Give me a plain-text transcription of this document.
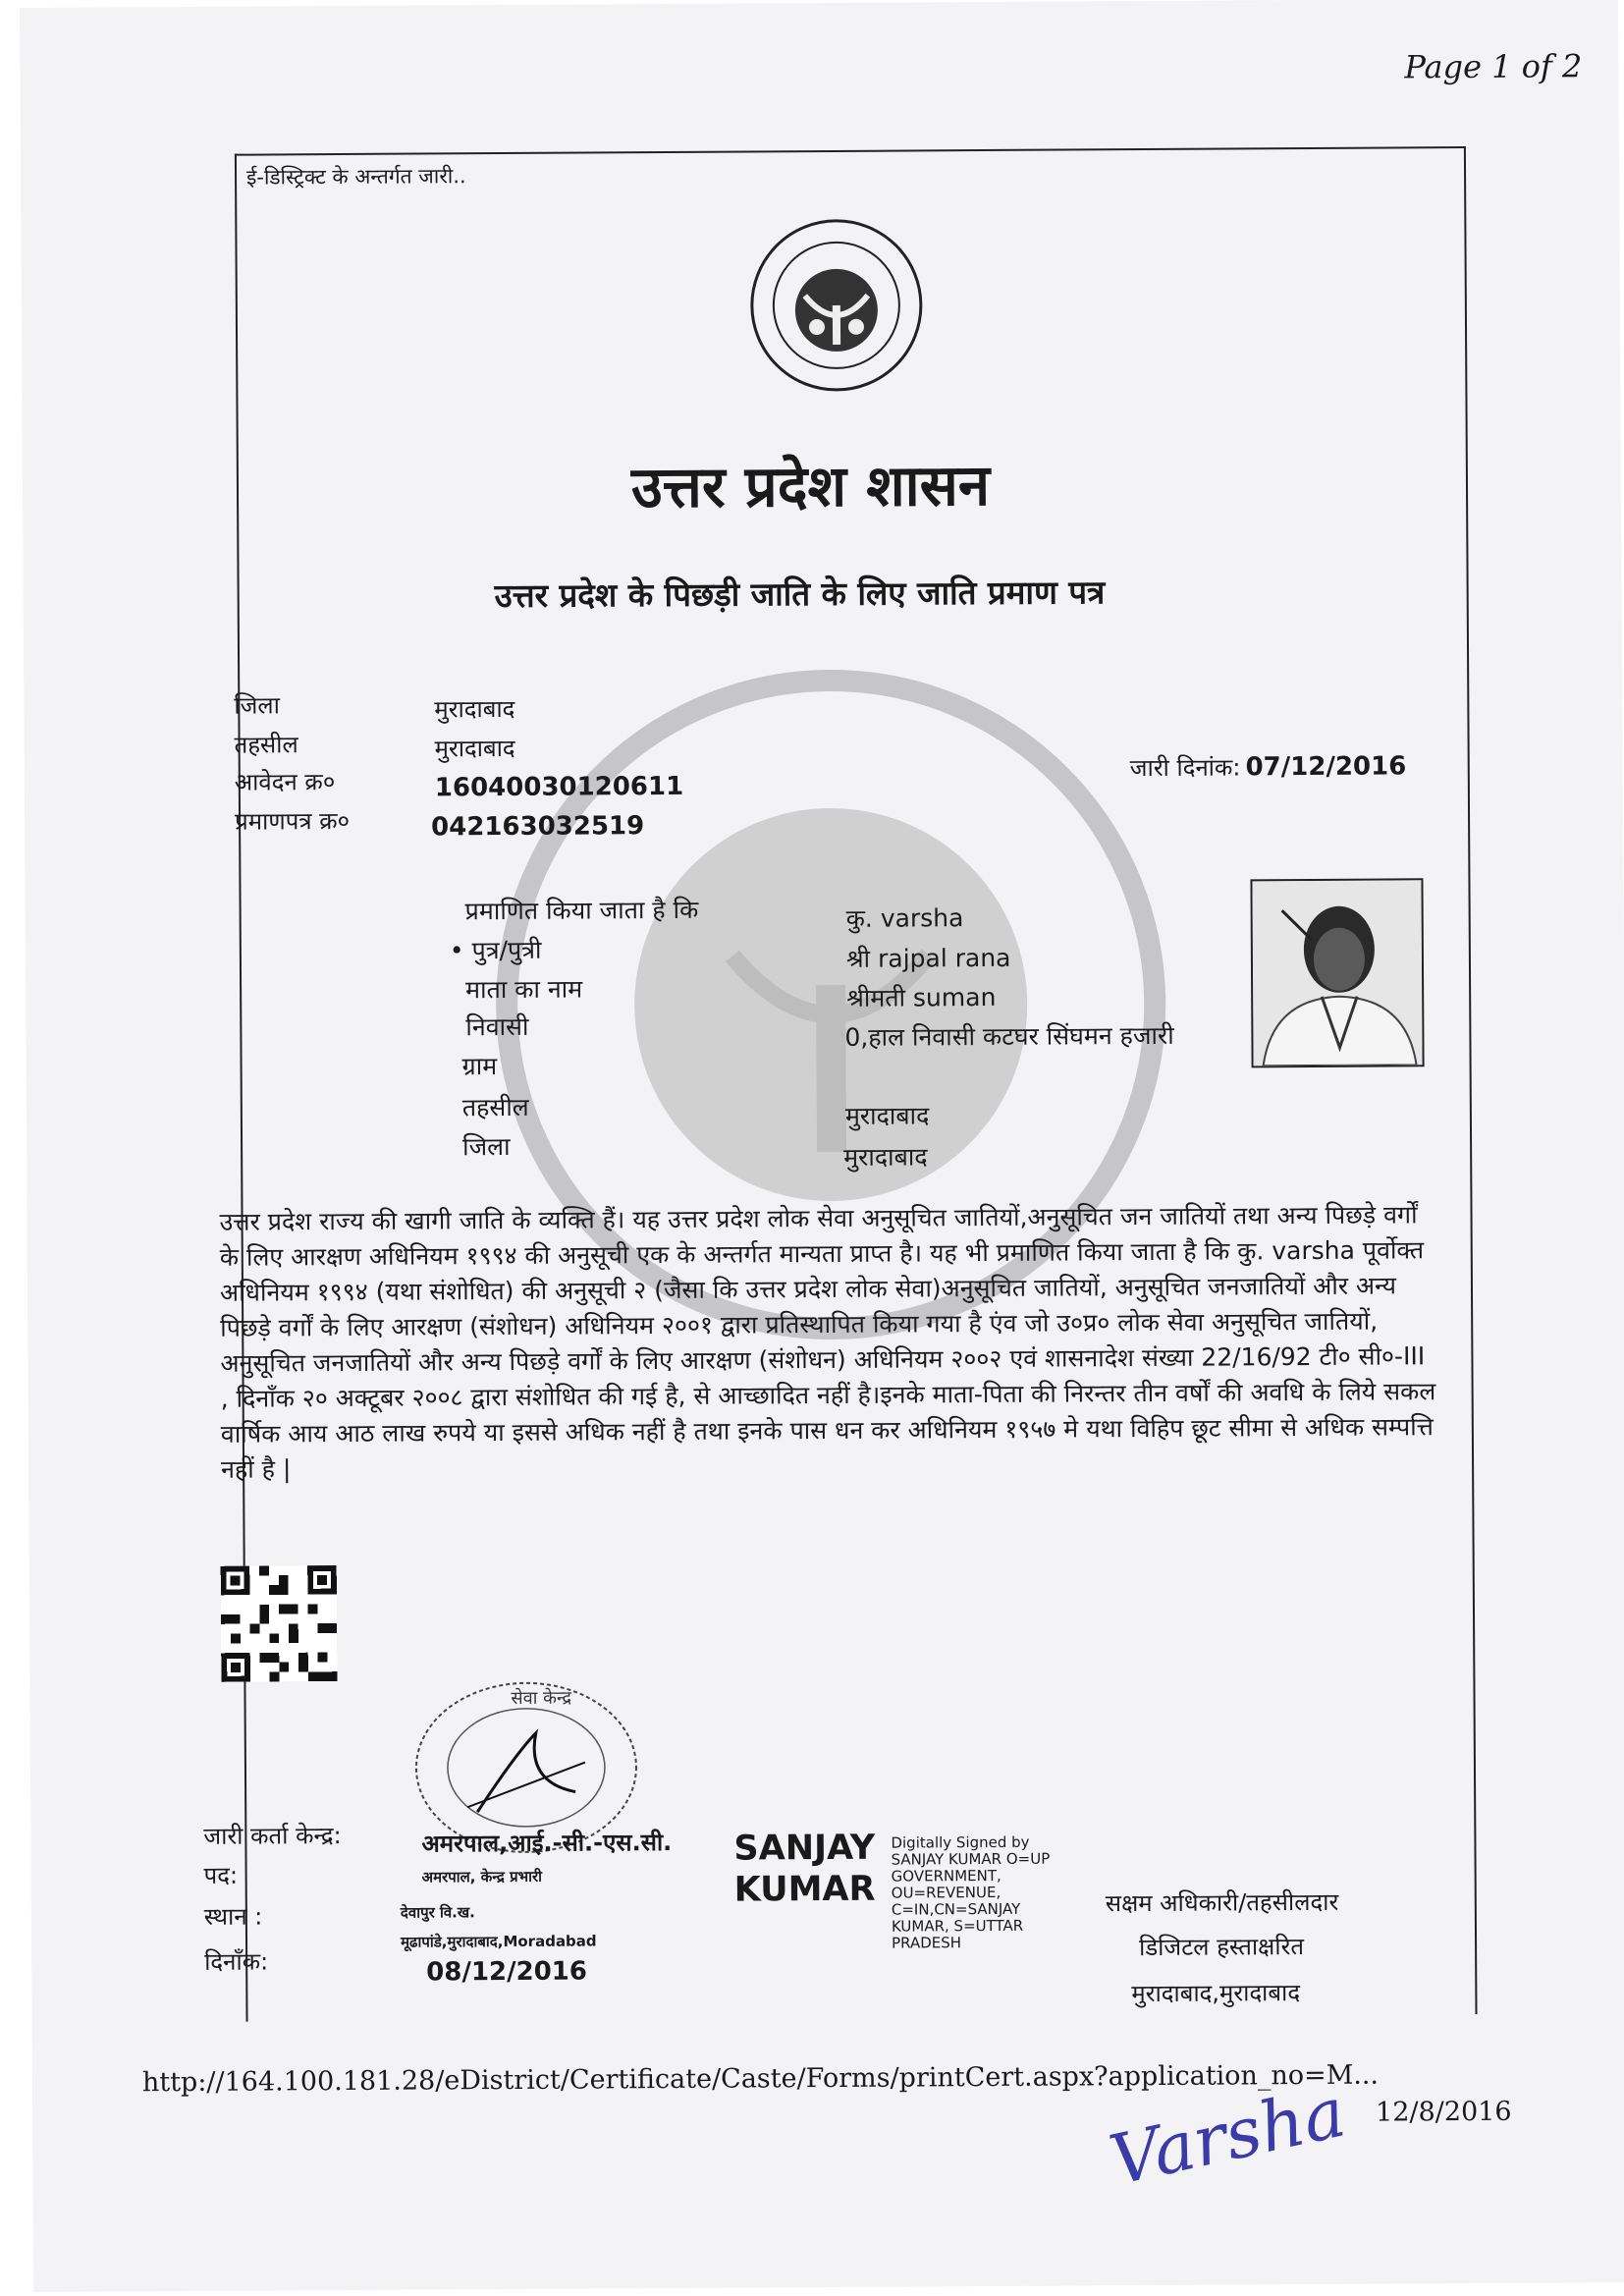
Page 1 of 2
ई-डिस्ट्रिक्ट के अन्तर्गत जारी..
उत्तर प्रदेश शासन
उत्तर प्रदेश के पिछड़ी जाति के लिए जाति प्रमाण पत्र
जिला	मुरादाबाद
तहसील	मुरादाबाद
आवेदन क्र०	16040030120611
प्रमाणपत्र क्र०	042163032519
जारी दिनांक: 07/12/2016
प्रमाणित किया जाता है कि	कु. varsha
• पुत्र/पुत्री	श्री rajpal rana
माता का नाम	श्रीमती suman
निवासी	0,हाल निवासी कटघर सिंघमन हजारी
ग्राम
तहसील	मुरादाबाद
जिला	मुरादाबाद
उत्तर प्रदेश राज्य की खागी जाति के व्यक्ति हैं। यह उत्तर प्रदेश लोक सेवा अनुसूचित जातियों,अनुसूचित जन जातियों तथा अन्य पिछड़े वर्गों के लिए आरक्षण अधिनियम १९९४ की अनुसूची एक के अन्तर्गत मान्यता प्राप्त है। यह भी प्रमाणित किया जाता है कि कु. varsha पूर्वोक्त अधिनियम १९९४ (यथा संशोधित) की अनुसूची २ (जैसा कि उत्तर प्रदेश लोक सेवा)अनुसूचित जातियों, अनुसूचित जनजातियों और अन्य पिछड़े वर्गों के लिए आरक्षण (संशोधन) अधिनियम २००१ द्वारा प्रतिस्थापित किया गया है एंव जो उ०प्र० लोक सेवा अनुसूचित जातियों, अनुसूचित जनजातियों और अन्य पिछड़े वर्गों के लिए आरक्षण (संशोधन) अधिनियम २००२ एवं शासनादेश संख्या 22/16/92 टी० सी०-III , दिनाँक २० अक्टूबर २००८ द्वारा संशोधित की गई है, से आच्छादित नहीं है।इनके माता-पिता की निरन्तर तीन वर्षों की अवधि के लिये सकल वार्षिक आय आठ लाख रुपये या इससे अधिक नहीं है तथा इनके पास धन कर अधिनियम १९५७ मे यथा विहिप छूट सीमा से अधिक सम्पत्ति नहीं है |
सेवा केन्द्र
जारी कर्ता केन्द्र:	अमरपाल,आई.-सी.-एस.सी.
पद:	अमरपाल, केन्द्र प्रभारी
स्थान :	देवापुर वि.ख.
मूढापांडे,मुरादाबाद,Moradabad
दिनाँक:	08/12/2016
SANJAY
KUMAR
Digitally Signed by
SANJAY KUMAR O=UP
GOVERNMENT,
OU=REVENUE,
C=IN,CN=SANJAY
KUMAR, S=UTTAR
PRADESH
सक्षम अधिकारी/तहसीलदार
डिजिटल हस्ताक्षरित
मुरादाबाद,मुरादाबाद
http://164.100.181.28/eDistrict/Certificate/Caste/Forms/printCert.aspx?application_no=M...
12/8/2016
Varsha
